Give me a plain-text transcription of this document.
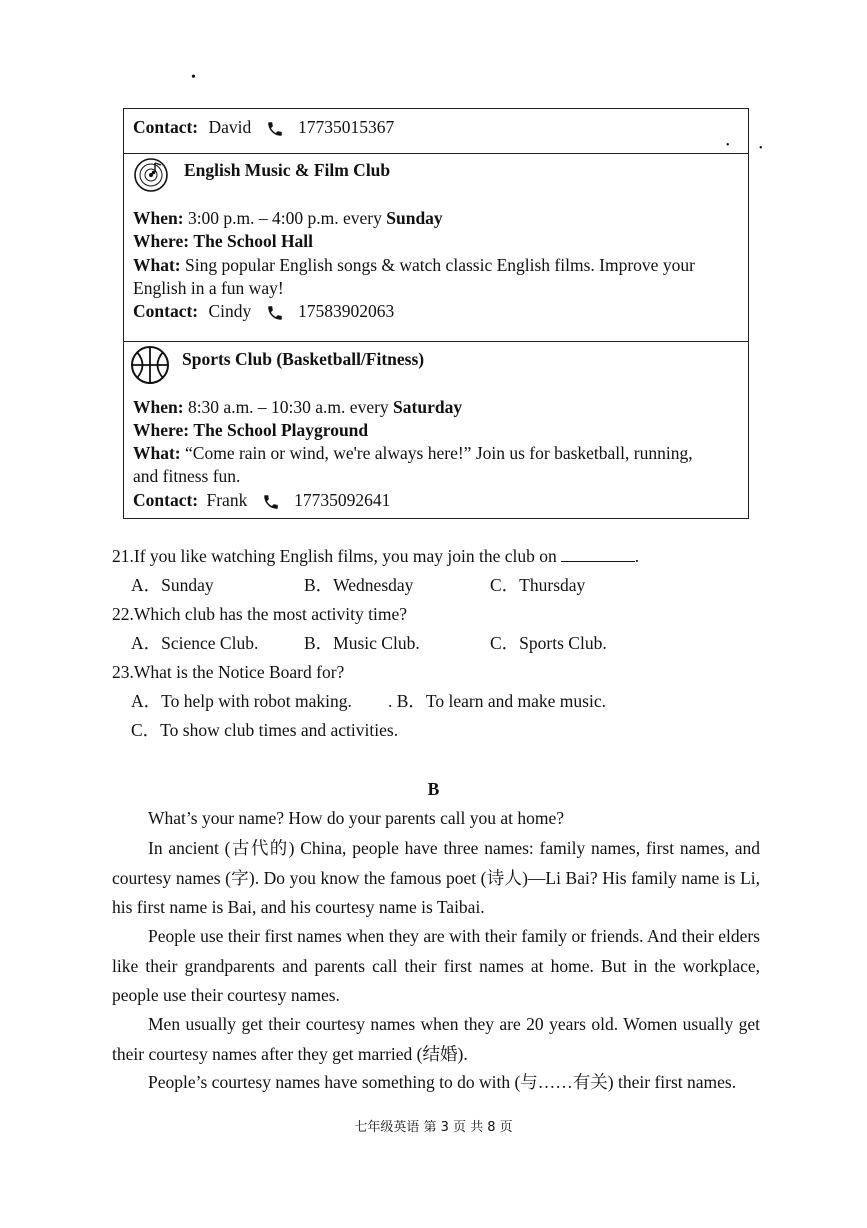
•
•	•
Contact: David	17735015367
English Music & Film Club
When: 3:00 p.m. – 4:00 p.m. every Sunday
Where: The School Hall
What: Sing popular English songs & watch classic English films. Improve your
English in a fun way!
Contact: Cindy	17583902063
Sports Club (Basketball/Fitness)
When: 8:30 a.m. – 10:30 a.m. every Saturday
Where: The School Playground
What: “Come rain or wind, we're always here!” Join us for basketball, running,
and fitness fun.
Contact: Frank	17735092641
21.If you like watching English films, you may join the club on	.
A．Sunday	B．Wednesday	C．Thursday
22.Which club has the most activity time?
A．Science Club.	B．Music Club.	C．Sports Club.
23.What is the Notice Board for?
A．To help with robot making. . B．To learn and make music.
C．To show club times and activities.
B
What’s your name? How do your parents call you at home?
In ancient (古代的) China, people have three names: family names, first names, and courtesy names (字). Do you know the famous poet (诗人)—Li Bai? His family name is Li, his first name is Bai, and his courtesy name is Taibai.
People use their first names when they are with their family or friends. And their elders like their grandparents and parents call their first names at home. But in the workplace, people use their courtesy names.
Men usually get their courtesy names when they are 20 years old. Women usually get their courtesy names after they get married (结婚).
People’s courtesy names have something to do with (与……有关) their first names.
七年级英语 第 3 页 共 8 页
